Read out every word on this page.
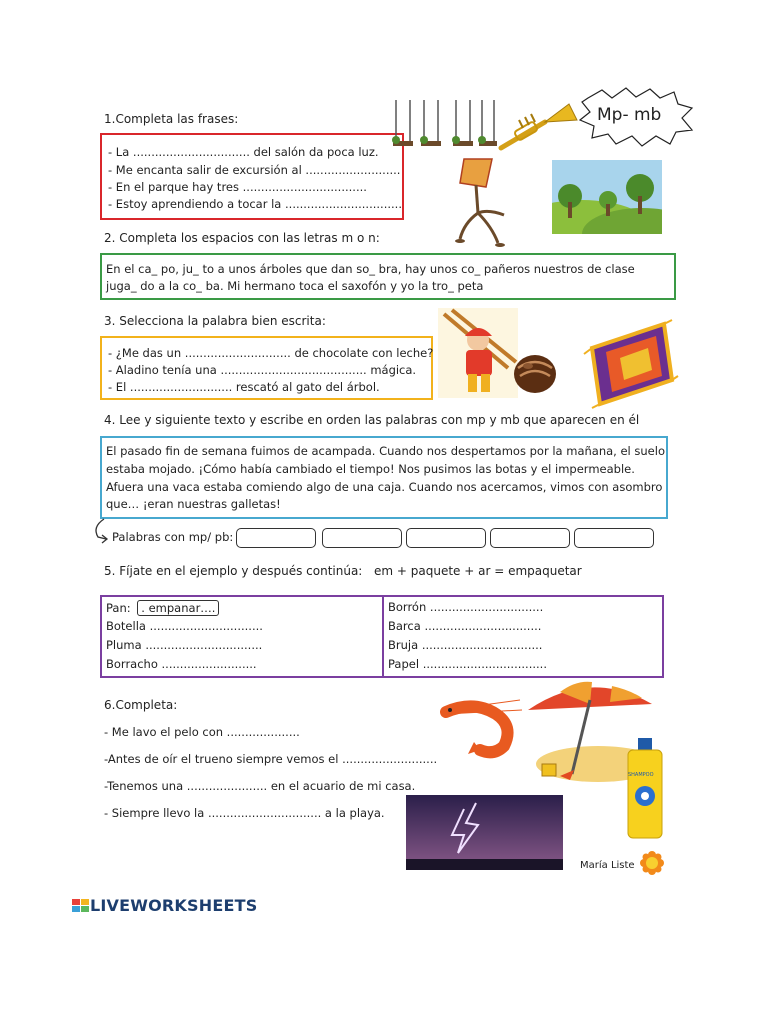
1.Completa las frases:
- La ................................ del salón da poca luz.
- Me encanta salir de excursión al ..........................
- En el parque hay tres ..................................
- Estoy aprendiendo a tocar la ................................
Mp- mb
2. Completa los espacios con las letras m o n:
En el ca_ po, ju_ to a unos árboles que dan so_ bra, hay unos co_ pañeros nuestros de clase
juga_ do a la co_ ba. Mi hermano toca el saxofón y yo la tro_ peta
3. Selecciona la palabra bien escrita:
- ¿Me das un ............................. de chocolate con leche?
- Aladino tenía una ........................................ mágica.
- El ............................ rescató al gato del árbol.
4. Lee y siguiente texto y escribe en orden las palabras con mp y mb que aparecen en él
El pasado fin de semana fuimos de acampada. Cuando nos despertamos por la mañana, el suelo
estaba mojado. ¡Cómo había cambiado el tiempo! Nos pusimos las botas y el impermeable.
Afuera una vaca estaba comiendo algo de una caja. Cuando nos acercamos, vimos con asombro
que… ¡eran nuestras galletas!
Palabras con mp/ pb:
5. Fíjate en el ejemplo y después continúa: em + paquete + ar = empaquetar
Pan: . empanar….
Botella ...............................
Pluma ................................
Borracho ..........................
Borrón ...............................
Barca ................................
Bruja .................................
Papel ..................................
6.Completa:
- Me lavo el pelo con ....................
-Antes de oír el trueno siempre vemos el ..........................
-Tenemos una ...................... en el acuario de mi casa.
- Siempre llevo la ............................... a la playa.
SHAMPOO
María Liste
LIVEWORKSHEETS
